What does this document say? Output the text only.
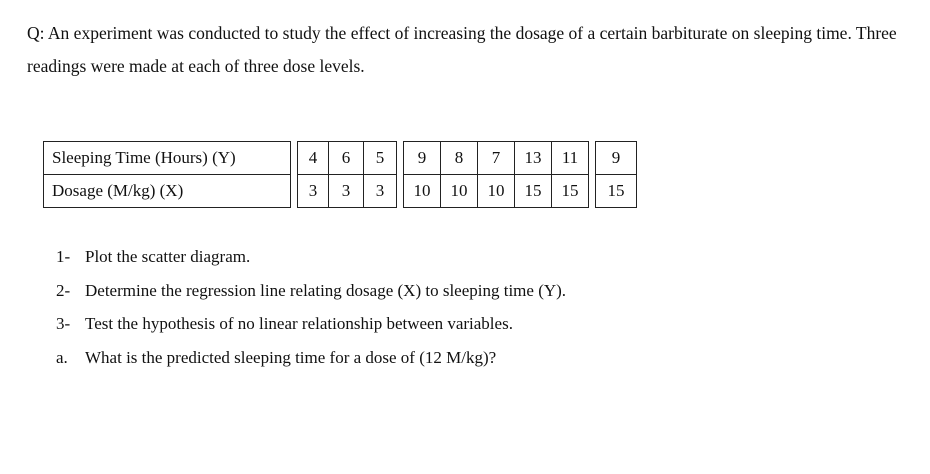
Q: An experiment was conducted to study the effect of increasing the dosage of a certain barbiturate on sleeping time. Three readings were made at each of three dose levels.

Sleeping Time (Hours) (Y)		4	6	5		9	8	7	13	11		9
Dosage (M/kg) (X)		3	3	3		10	10	10	15	15		15
1- Plot the scatter diagram.
2- Determine the regression line relating dosage (X) to sleeping time (Y).
3- Test the hypothesis of no linear relationship between variables.
a. What is the predicted sleeping time for a dose of (12 M/kg)?
